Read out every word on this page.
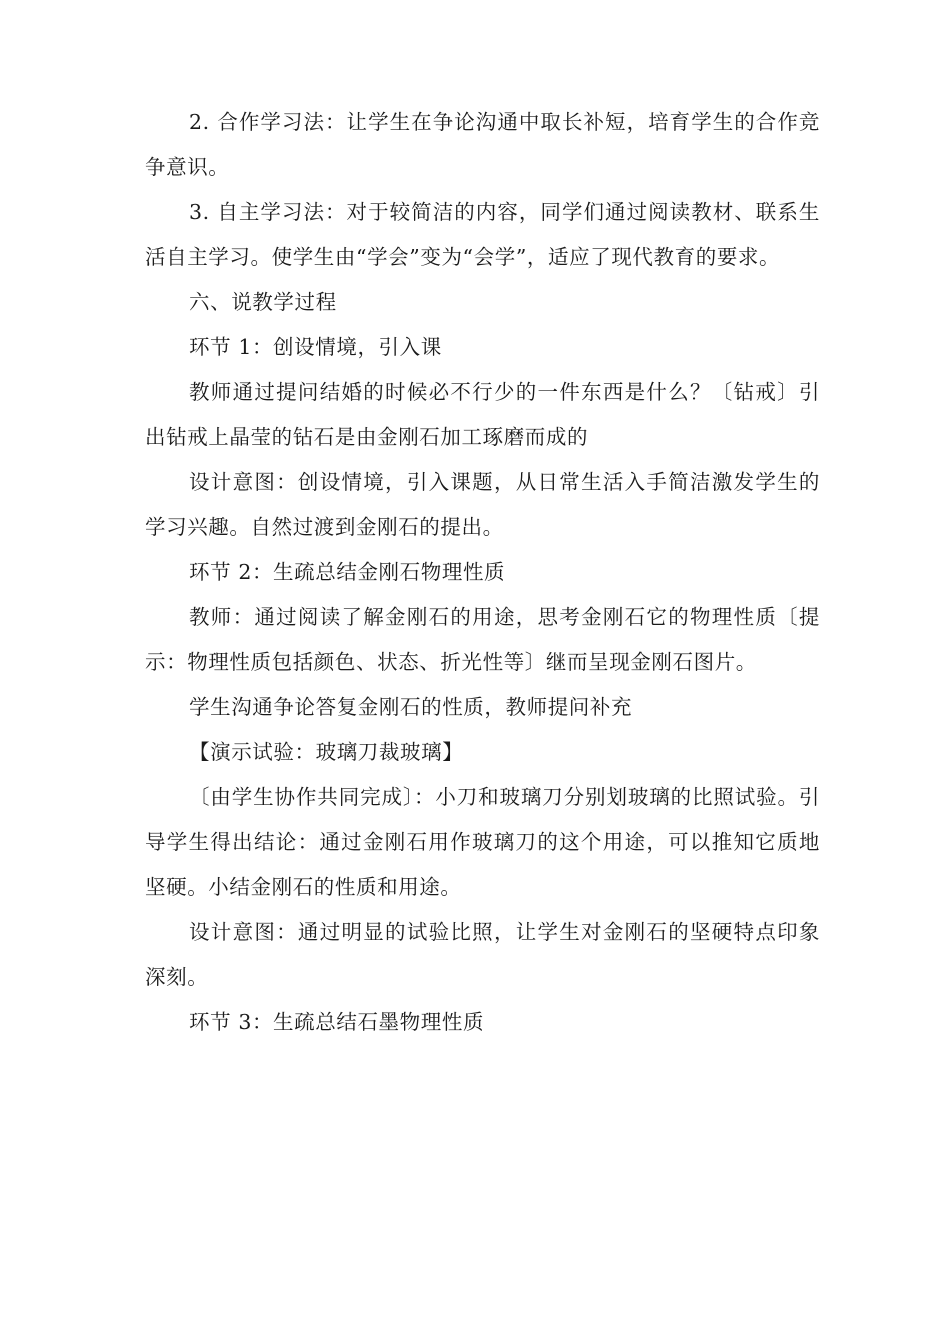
2. 合作学习法：让学生在争论沟通中取长补短，培育学生的合作竞争意识。

3. 自主学习法：对于较简洁的内容，同学们通过阅读教材、联系生活自主学习。使学生由“学会”变为“会学”，适应了现代教育的要求。

六、说教学过程

环节 1：创设情境，引入课

教师通过提问结婚的时候必不行少的一件东西是什么？〔钻戒〕引出钻戒上晶莹的钻石是由金刚石加工琢磨而成的

设计意图：创设情境，引入课题，从日常生活入手简洁激发学生的学习兴趣。自然过渡到金刚石的提出。

环节 2：生疏总结金刚石物理性质

教师：通过阅读了解金刚石的用途，思考金刚石它的物理性质〔提示：物理性质包括颜色、状态、折光性等〕继而呈现金刚石图片。

学生沟通争论答复金刚石的性质，教师提问补充

【演示试验：玻璃刀裁玻璃】

〔由学生协作共同完成〕：小刀和玻璃刀分别划玻璃的比照试验。引导学生得出结论：通过金刚石用作玻璃刀的这个用途，可以推知它质地坚硬。小结金刚石的性质和用途。

设计意图：通过明显的试验比照，让学生对金刚石的坚硬特点印象深刻。

环节 3：生疏总结石墨物理性质
